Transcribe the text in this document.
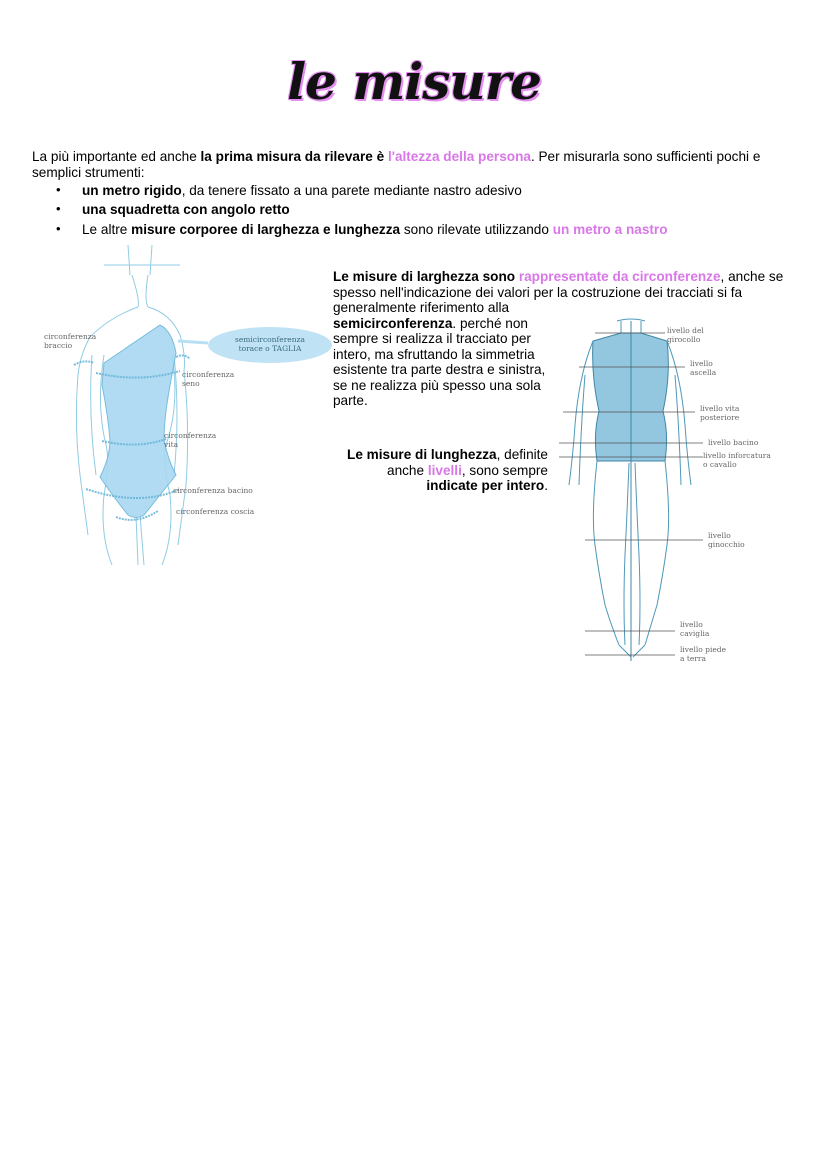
le misure
La più importante ed anche la prima misura da rilevare è l'altezza della persona. Per misurarla sono sufficienti pochi e
semplici strumenti:
• un metro rigido, da tenere fissato a una parete mediante nastro adesivo
• una squadretta con angolo retto
• Le altre misure corporee di larghezza e lunghezza sono rilevate utilizzando un metro a nastro
Le misure di larghezza sono rappresentate da circonferenze, anche se
spesso nell'indicazione dei valori per la costruzione dei tracciati si fa
generalmente riferimento alla
semicirconferenza. perché non
sempre si realizza il tracciato per
intero, ma sfruttando la simmetria
esistente tra parte destra e sinistra,
se ne realizza più spesso una sola
parte.
Le misure di lunghezza, definite
anche livelli, sono sempre
indicate per intero.
circonferenza
braccio
semicirconferenza
torace o TAGLIA
circonferenza
seno
circonferenza
vita
circonferenza bacino
circonferenza coscia
livello del
girocollo
livello
ascella
livello vita
posteriore
livello bacino
livello inforcatura
o cavallo
livello
ginocchio
livello
caviglia
livello piede
a terra
